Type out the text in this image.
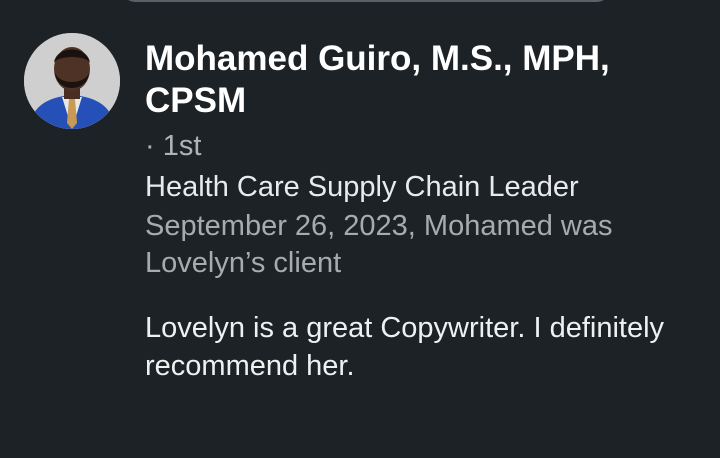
Mohamed Guiro, M.S., MPH, CPSM
· 1st
Health Care Supply Chain Leader
September 26, 2023, Mohamed was Lovelyn’s client
Lovelyn is a great Copywriter. I definitely recommend her.
